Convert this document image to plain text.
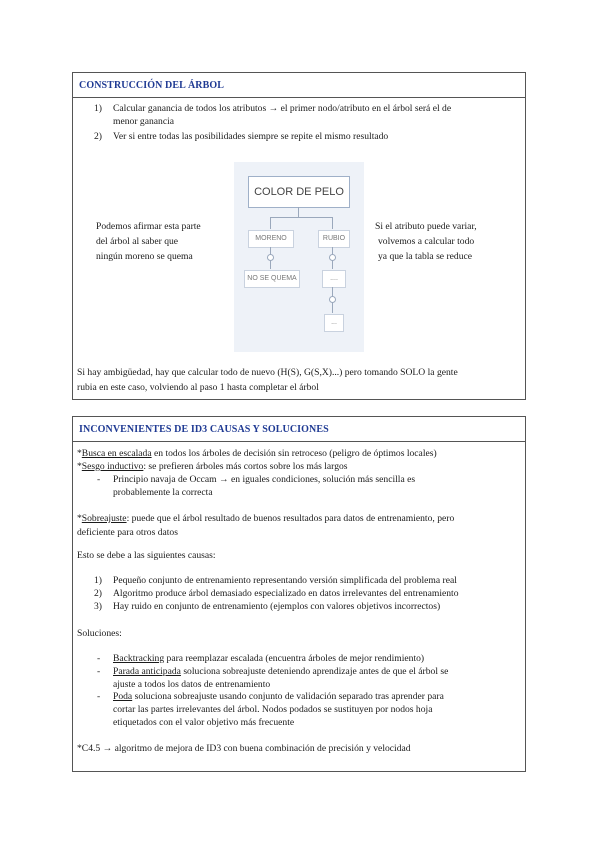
CONSTRUCCIÓN DEL ÁRBOL
1) Calcular ganancia de todos los atributos → el primer nodo/atributo en el árbol será el de
menor ganancia
2) Ver si entre todas las posibilidades siempre se repite el mismo resultado
Podemos afirmar esta parte
del árbol al saber que
ningún moreno se quema
Si el atributo puede variar,
volvemos a calcular todo
ya que la tabla se reduce
COLOR DE PELO
MORENO	RUBIO
NO SE QUEMA	....
...
Si hay ambigüedad, hay que calcular todo de nuevo (H(S), G(S,X)...) pero tomando SOLO la gente
rubia en este caso, volviendo al paso 1 hasta completar el árbol
INCONVENIENTES DE ID3 CAUSAS Y SOLUCIONES
*Busca en escalada en todos los árboles de decisión sin retroceso (peligro de óptimos locales)
*Sesgo inductivo: se prefieren árboles más cortos sobre los más largos
- Principio navaja de Occam → en iguales condiciones, solución más sencilla es
probablemente la correcta
*Sobreajuste: puede que el árbol resultado de buenos resultados para datos de entrenamiento, pero
deficiente para otros datos
Esto se debe a las siguientes causas:
1) Pequeño conjunto de entrenamiento representando versión simplificada del problema real
2) Algoritmo produce árbol demasiado especializado en datos irrelevantes del entrenamiento
3) Hay ruido en conjunto de entrenamiento (ejemplos con valores objetivos incorrectos)
Soluciones:
- Backtracking para reemplazar escalada (encuentra árboles de mejor rendimiento)
- Parada anticipada soluciona sobreajuste deteniendo aprendizaje antes de que el árbol se
ajuste a todos los datos de entrenamiento
- Poda soluciona sobreajuste usando conjunto de validación separado tras aprender para
cortar las partes irrelevantes del árbol. Nodos podados se sustituyen por nodos hoja
etiquetados con el valor objetivo más frecuente
*C4.5 → algoritmo de mejora de ID3 con buena combinación de precisión y velocidad
